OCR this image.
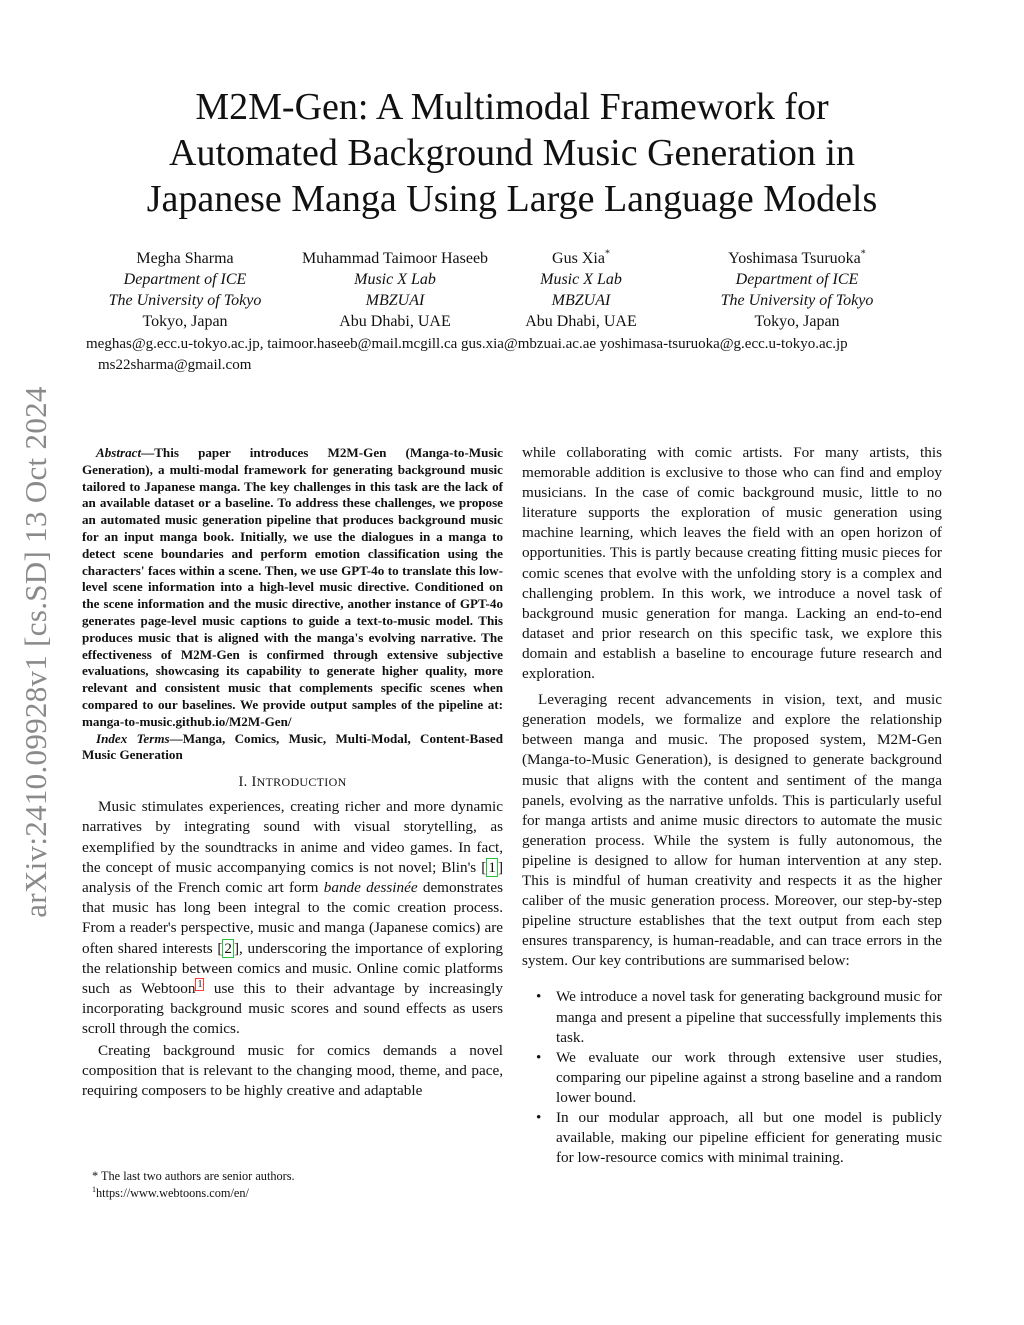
M2M-Gen: A Multimodal Framework for
Automated Background Music Generation in
Japanese Manga Using Large Language Models
Megha Sharma
Department of ICE
The University of Tokyo
Tokyo, Japan
Muhammad Taimoor Haseeb
Music X Lab
MBZUAI
Abu Dhabi, UAE
Gus Xia*
Music X Lab
MBZUAI
Abu Dhabi, UAE
Yoshimasa Tsuruoka*
Department of ICE
The University of Tokyo
Tokyo, Japan
meghas@g.ecc.u-tokyo.ac.jp, taimoor.haseeb@mail.mcgill.ca gus.xia@mbzuai.ac.ae yoshimasa-tsuruoka@g.ecc.u-tokyo.ac.jp
ms22sharma@gmail.com
arXiv:2410.09928v1 [cs.SD] 13 Oct 2024	Abstract—This paper introduces M2M-Gen (Manga-to-Music Generation), a multi-modal framework for generating background music tailored to Japanese manga. The key challenges in this task are the lack of an available dataset or a baseline. To address these challenges, we propose an automated music generation pipeline that produces background music for an input manga book. Initially, we use the dialogues in a manga to detect scene boundaries and perform emotion classification using the characters' faces within a scene. Then, we use GPT-4o to translate this low-level scene information into a high-level music directive. Conditioned on the scene information and the music directive, another instance of GPT-4o generates page-level music captions to guide a text-to-music model. This produces music that is aligned with the manga's evolving narrative. The effectiveness of M2M-Gen is confirmed through extensive subjective evaluations, showcasing its capability to generate higher quality, more relevant and consistent music that complements specific scenes when compared to our baselines. We provide output samples of the pipeline at: manga-to-music.github.io/M2M-Gen/

Index Terms—Manga, Comics, Music, Multi-Modal, Content-Based Music Generation

I. INTRODUCTION

Music stimulates experiences, creating richer and more dynamic narratives by integrating sound with visual storytelling, as exemplified by the soundtracks in anime and video games. In fact, the concept of music accompanying comics is not novel; Blin's [ 1 ] analysis of the French comic art form bande dessinée demonstrates that music has long been integral to the comic creation process. From a reader's perspective, music and manga (Japanese comics) are often shared interests [ 2 ], underscoring the importance of exploring the relationship between comics and music. Online comic platforms such as Webtoon $^1$ use this to their advantage by increasingly incorporating background music scores and sound effects as users scroll through the comics.

Creating background music for comics demands a novel composition that is relevant to the changing mood, theme, and pace, requiring composers to be highly creative and adaptable

* The last two authors are senior authors.
$^1$https://www.webtoons.com/en/

while collaborating with comic artists. For many artists, this memorable addition is exclusive to those who can find and employ musicians. In the case of comic background music, little to no literature supports the exploration of music generation using machine learning, which leaves the field with an open horizon of opportunities. This is partly because creating fitting music pieces for comic scenes that evolve with the unfolding story is a complex and challenging problem. In this work, we introduce a novel task of background music generation for manga. Lacking an end-to-end dataset and prior research on this specific task, we explore this domain and establish a baseline to encourage future research and exploration.

Leveraging recent advancements in vision, text, and music generation models, we formalize and explore the relationship between manga and music. The proposed system, M2M-Gen (Manga-to-Music Generation), is designed to generate background music that aligns with the content and sentiment of the manga panels, evolving as the narrative unfolds. This is particularly useful for manga artists and anime music directors to automate the music generation process. While the system is fully autonomous, the pipeline is designed to allow for human intervention at any step. This is mindful of human creativity and respects it as the higher caliber of the music generation process. Moreover, our step-by-step pipeline structure establishes that the text output from each step ensures transparency, is human-readable, and can trace errors in the system. Our key contributions are summarised below:

• We introduce a novel task for generating background music for manga and present a pipeline that successfully implements this task.
• We evaluate our work through extensive user studies, comparing our pipeline against a strong baseline and a random lower bound.
• In our modular approach, all but one model is publicly available, making our pipeline efficient for generating music for low-resource comics with minimal training.
